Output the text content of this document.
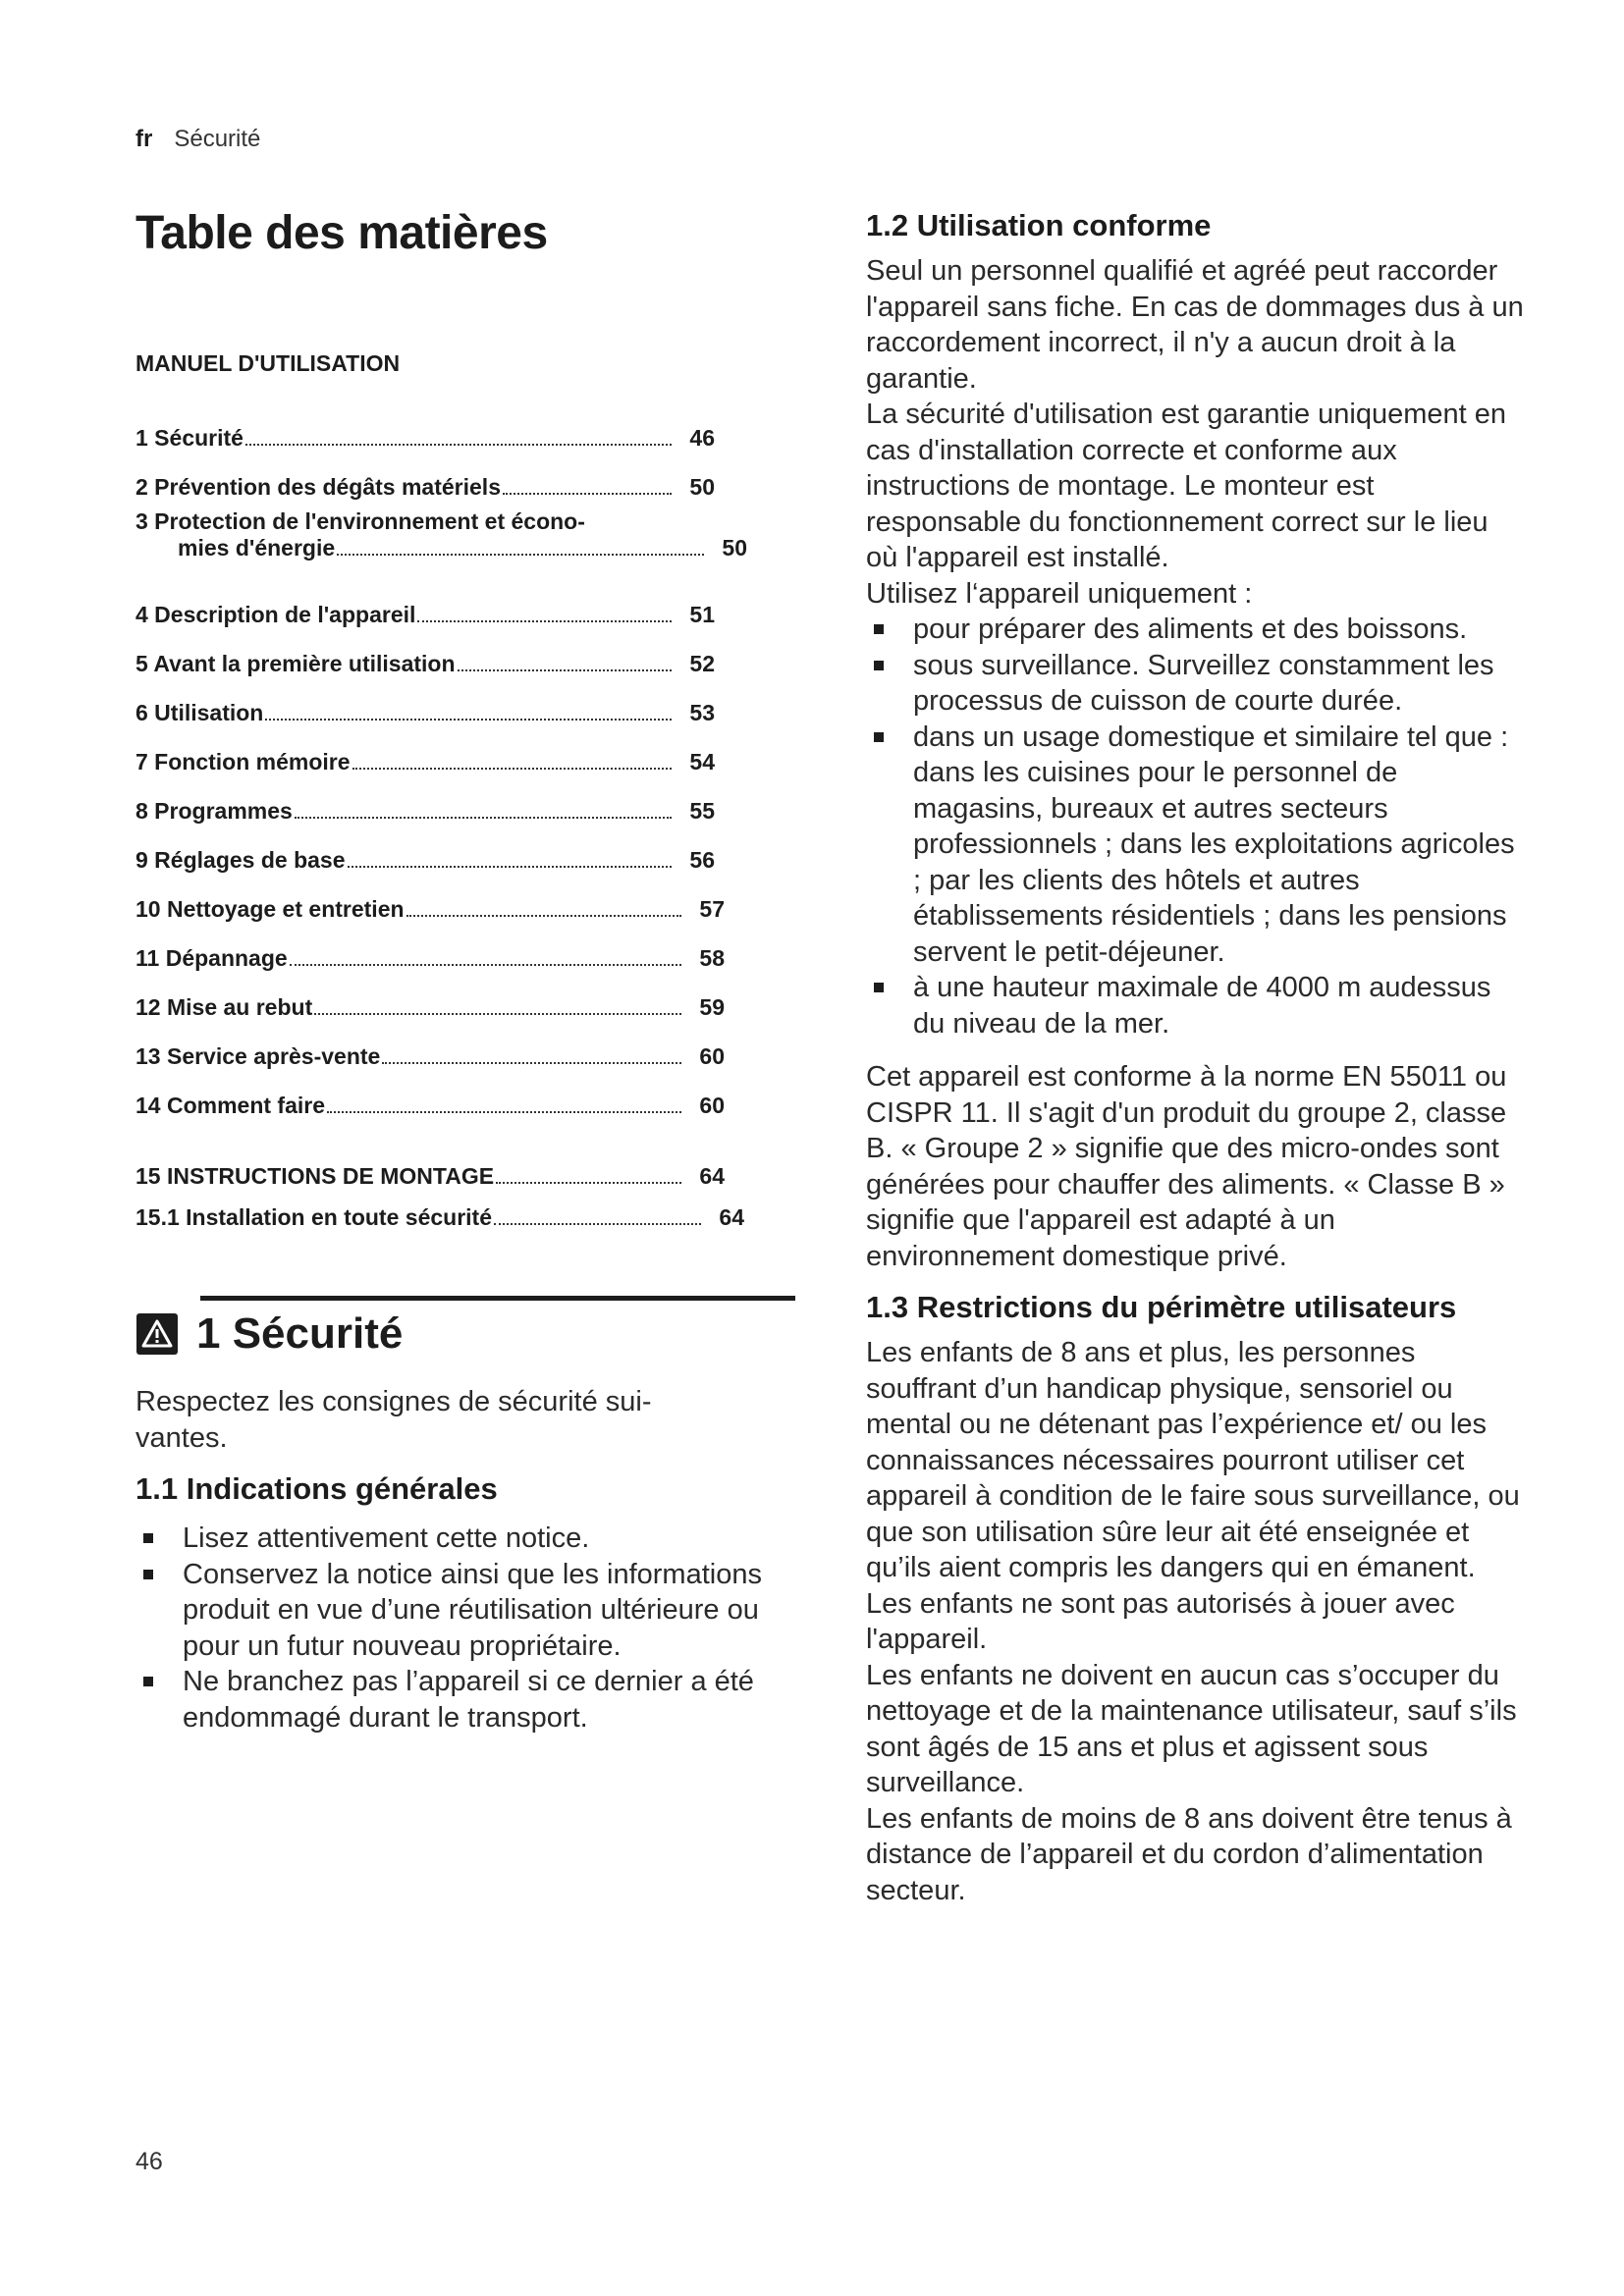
fr Sécurité
Table des matières
MANUEL D'UTILISATION
1 Sécurité	46
2 Prévention des dégâts matériels	50
3 Protection de l'environnement et écono-
mies d'énergie	50
4 Description de l'appareil	51
5 Avant la première utilisation	52
6 Utilisation	53
7 Fonction mémoire	54
8 Programmes	55
9 Réglages de base	56
10 Nettoyage et entretien	57
11 Dépannage	58
12 Mise au rebut	59
13 Service après-vente	60
14 Comment faire	60
15 INSTRUCTIONS DE MONTAGE	64
15.1 Installation en toute sécurité	64
1 Sécurité

Respectez les consignes de sécurité sui-vantes.

1.1 Indications générales
Lisez attentivement cette notice.
Conservez la notice ainsi que les informations produit en vue d’une réutilisation ultérieure ou pour un futur nouveau propriétaire.
Ne branchez pas l’appareil si ce dernier a été endommagé durant le transport.
1.2 Utilisation conforme

Seul un personnel qualifié et agréé peut raccorder l'appareil sans fiche. En cas de dommages dus à un raccordement incorrect, il n'y a aucun droit à la garantie.

La sécurité d'utilisation est garantie uniquement en cas d'installation correcte et conforme aux instructions de montage. Le monteur est responsable du fonctionnement correct sur le lieu où l'appareil est installé.

Utilisez l‘appareil uniquement :

pour préparer des aliments et des boissons.
sous surveillance. Surveillez constamment les processus de cuisson de courte durée.
dans un usage domestique et similaire tel que : dans les cuisines pour le personnel de magasins, bureaux et autres secteurs professionnels ; dans les exploitations agricoles ; par les clients des hôtels et autres établissements résidentiels ; dans les pensions servent le petit-déjeuner.
à une hauteur maximale de 4000 m audessus du niveau de la mer.

Cet appareil est conforme à la norme EN 55011 ou CISPR 11. Il s'agit d'un produit du groupe 2, classe B. « Groupe 2 » signifie que des micro-ondes sont générées pour chauffer des aliments. « Classe B » signifie que l'appareil est adapté à un environnement domestique privé.

1.3 Restrictions du périmètre utilisateurs

Les enfants de 8 ans et plus, les personnes souffrant d’un handicap physique, sensoriel ou mental ou ne détenant pas l’expérience et/ ou les connaissances nécessaires pourront utiliser cet appareil à condition de le faire sous surveillance, ou que son utilisation sûre leur ait été enseignée et qu’ils aient compris les dangers qui en émanent.

Les enfants ne sont pas autorisés à jouer avec l'appareil.

Les enfants ne doivent en aucun cas s’occuper du nettoyage et de la maintenance utilisateur, sauf s’ils sont âgés de 15 ans et plus et agissent sous surveillance.

Les enfants de moins de 8 ans doivent être tenus à distance de l’appareil et du cordon d’alimentation secteur.

46
